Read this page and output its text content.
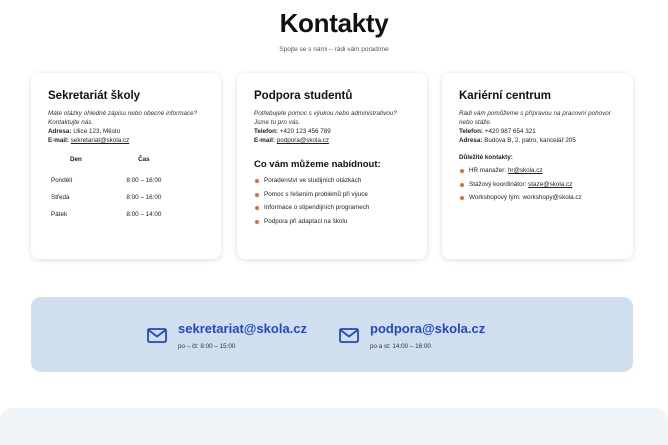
Kontakty
Spojte se s námi – rádi vám poradíme
Sekretariát školy
Máte otázky ohledně zápisu nebo obecné informace? Kontaktujte nás.
Adresa: Ulice 123, Město
E-mail: sekretariat@skola.cz
Den	Čas
Pondělí	8:00 – 16:00
Středa	8:00 – 16:00
Pátek	8:00 – 14:00
Podpora studentů
Potřebujete pomoc s výukou nebo administrativou? Jsme tu pro vás.
Telefon: +420 123 456 789
E-mail: podpora@skola.cz
Co vám můžeme nabídnout:
Poradenství ve studijních otázkách
Pomoc s řešením problémů při výuce
Informace o stipendijních programech
Podpora při adaptaci na školu
Kariérní centrum
Rádi vám pomůžeme s přípravou na pracovní pohovor nebo stáže.
Telefon: +420 987 654 321
Adresa: Budova B, 2. patro, kancelář 205
Důležité kontakty:
HR manažer: hr@skola.cz
Stážový koordinátor: staze@skola.cz
Workshopový tým: workshopy@skola.cz
sekretariat@skola.cz
po – čt: 8:00 – 15:00
podpora@skola.cz
po a st: 14:00 – 16:00
